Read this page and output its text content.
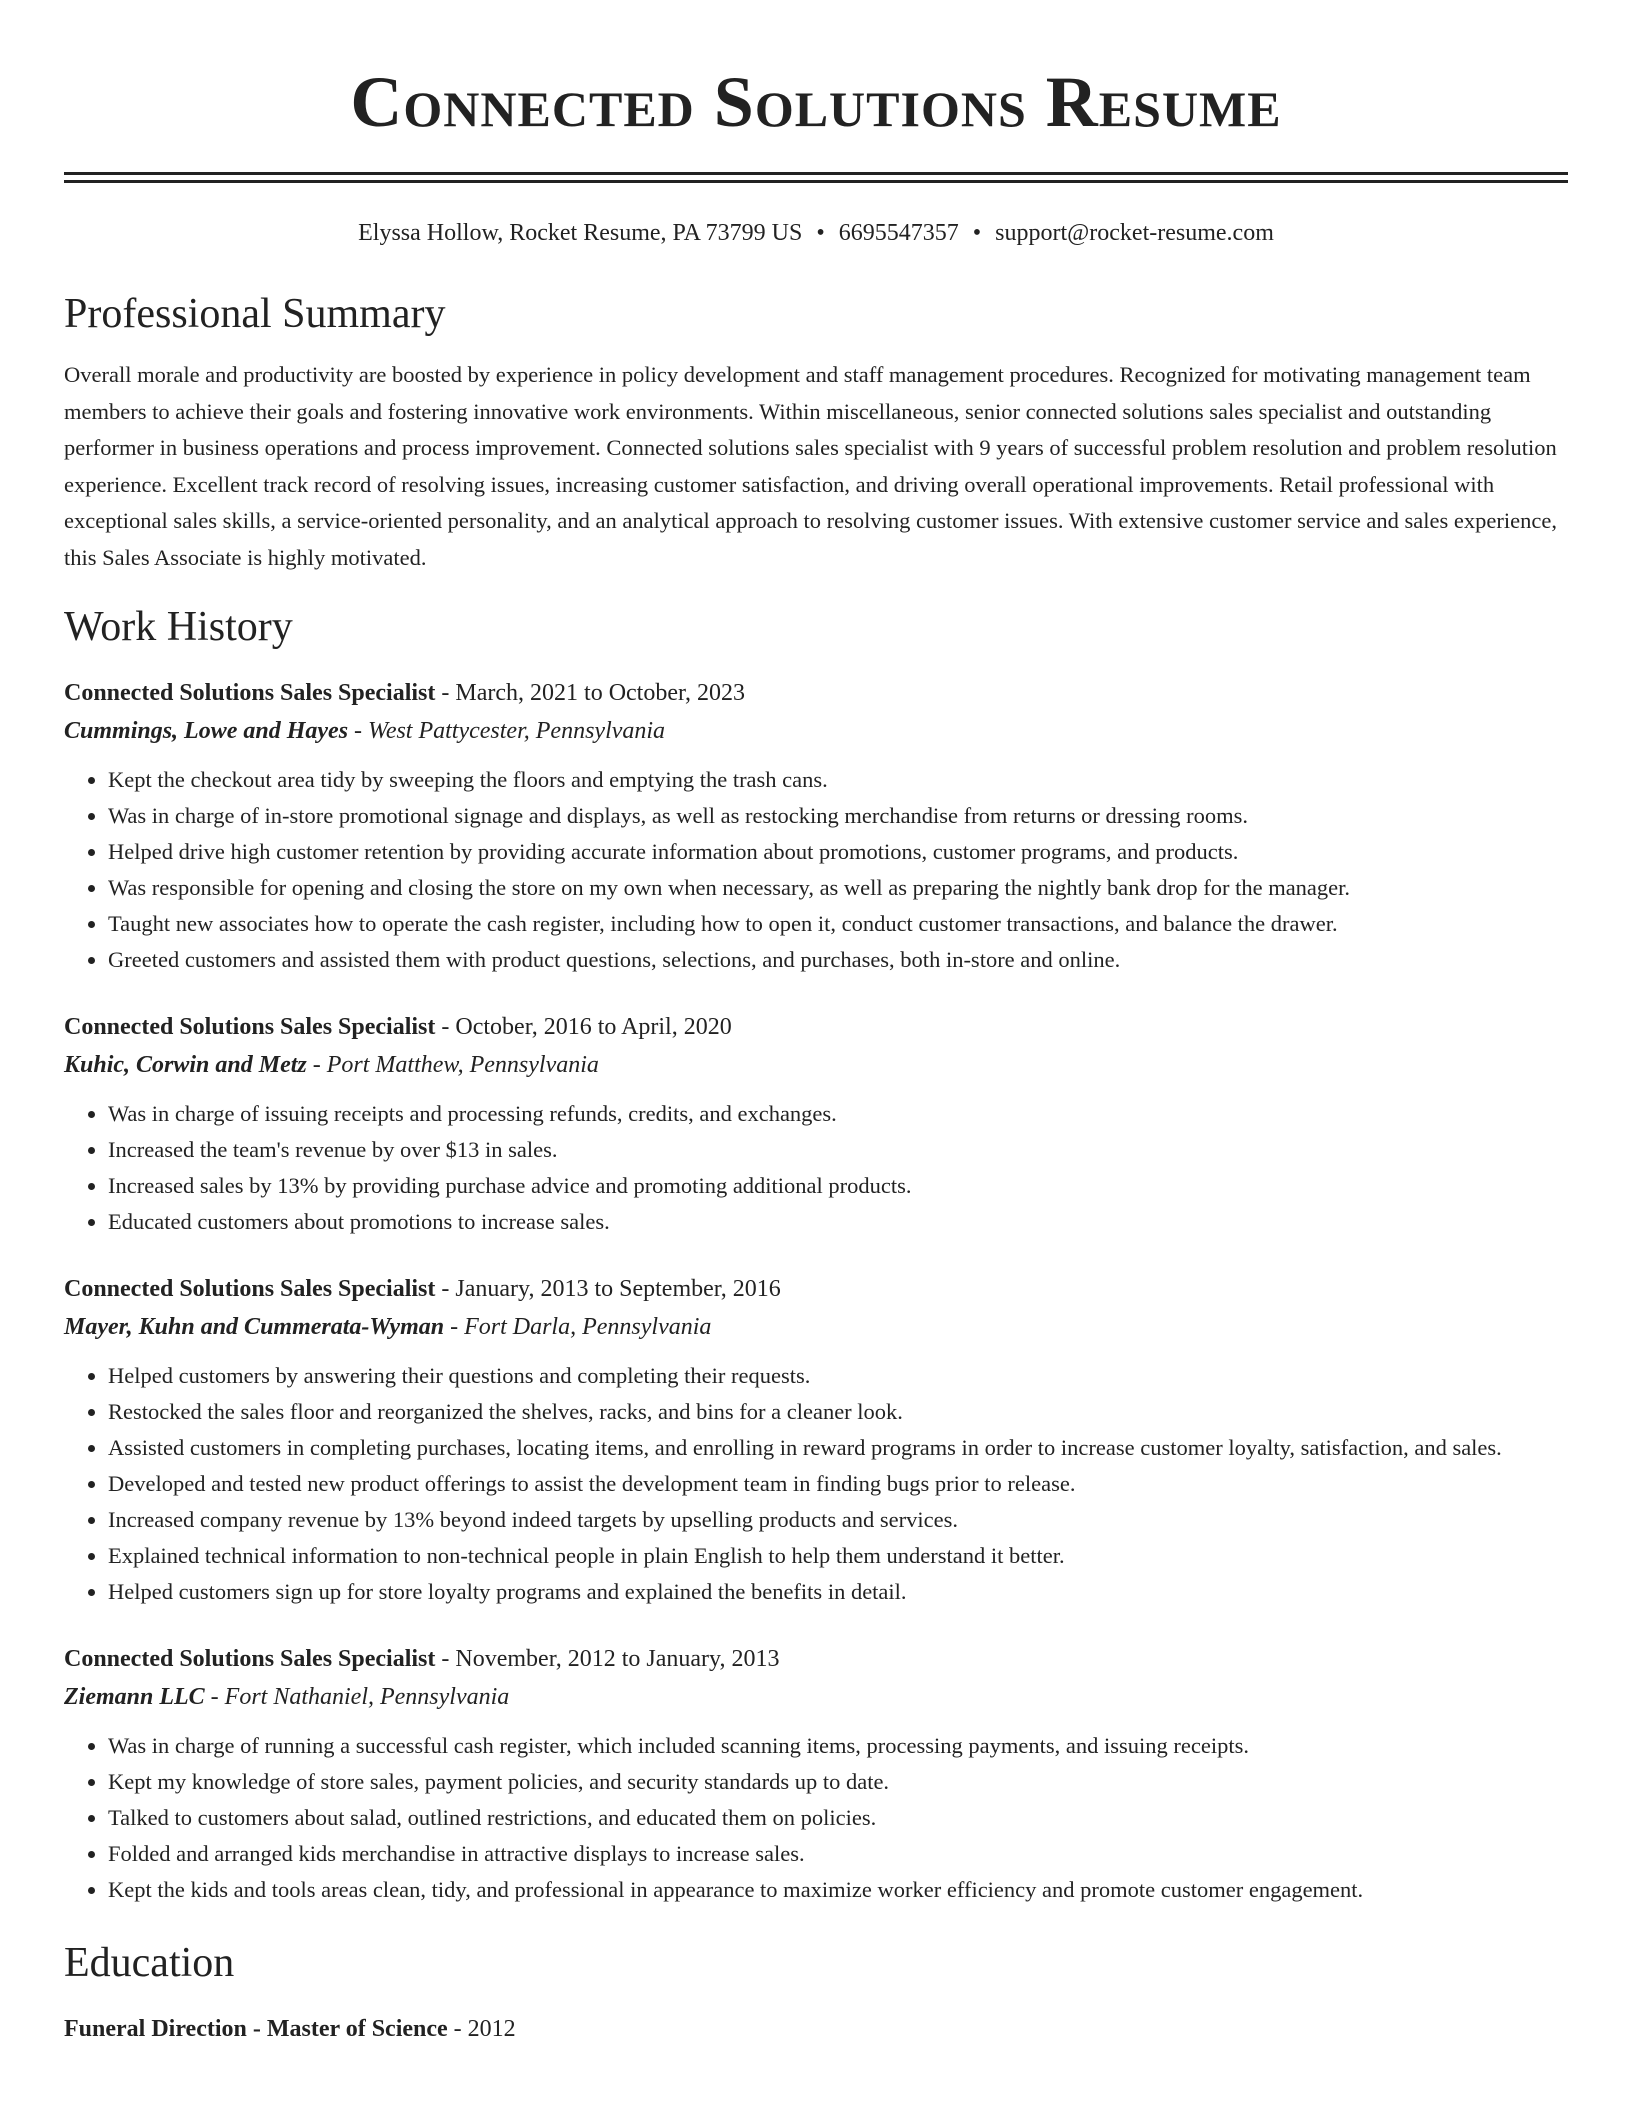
Connected Solutions Resume
Elyssa Hollow, Rocket Resume, PA 73799 US • 6695547357 • support@rocket-resume.com
Professional Summary

Overall morale and productivity are boosted by experience in policy development and staff management procedures. Recognized for motivating management team members to achieve their goals and fostering innovative work environments. Within miscellaneous, senior connected solutions sales specialist and outstanding performer in business operations and process improvement. Connected solutions sales specialist with 9 years of successful problem resolution and problem resolution experience. Excellent track record of resolving issues, increasing customer satisfaction, and driving overall operational improvements. Retail professional with exceptional sales skills, a service-oriented personality, and an analytical approach to resolving customer issues. With extensive customer service and sales experience, this Sales Associate is highly motivated.

Work History
Connected Solutions Sales Specialist - March, 2021 to October, 2023
Cummings, Lowe and Hayes - West Pattycester, Pennsylvania
• Kept the checkout area tidy by sweeping the floors and emptying the trash cans.
• Was in charge of in-store promotional signage and displays, as well as restocking merchandise from returns or dressing rooms.
• Helped drive high customer retention by providing accurate information about promotions, customer programs, and products.
• Was responsible for opening and closing the store on my own when necessary, as well as preparing the nightly bank drop for the manager.
• Taught new associates how to operate the cash register, including how to open it, conduct customer transactions, and balance the drawer.
• Greeted customers and assisted them with product questions, selections, and purchases, both in-store and online.
Connected Solutions Sales Specialist - October, 2016 to April, 2020
Kuhic, Corwin and Metz - Port Matthew, Pennsylvania
• Was in charge of issuing receipts and processing refunds, credits, and exchanges.
• Increased the team's revenue by over $13 in sales.
• Increased sales by 13% by providing purchase advice and promoting additional products.
• Educated customers about promotions to increase sales.
Connected Solutions Sales Specialist - January, 2013 to September, 2016
Mayer, Kuhn and Cummerata-Wyman - Fort Darla, Pennsylvania
• Helped customers by answering their questions and completing their requests.
• Restocked the sales floor and reorganized the shelves, racks, and bins for a cleaner look.
• Assisted customers in completing purchases, locating items, and enrolling in reward programs in order to increase customer loyalty, satisfaction, and sales.
• Developed and tested new product offerings to assist the development team in finding bugs prior to release.
• Increased company revenue by 13% beyond indeed targets by upselling products and services.
• Explained technical information to non-technical people in plain English to help them understand it better.
• Helped customers sign up for store loyalty programs and explained the benefits in detail.
Connected Solutions Sales Specialist - November, 2012 to January, 2013
Ziemann LLC - Fort Nathaniel, Pennsylvania
• Was in charge of running a successful cash register, which included scanning items, processing payments, and issuing receipts.
• Kept my knowledge of store sales, payment policies, and security standards up to date.
• Talked to customers about salad, outlined restrictions, and educated them on policies.
• Folded and arranged kids merchandise in attractive displays to increase sales.
• Kept the kids and tools areas clean, tidy, and professional in appearance to maximize worker efficiency and promote customer engagement.
Education
Funeral Direction - Master of Science - 2012
